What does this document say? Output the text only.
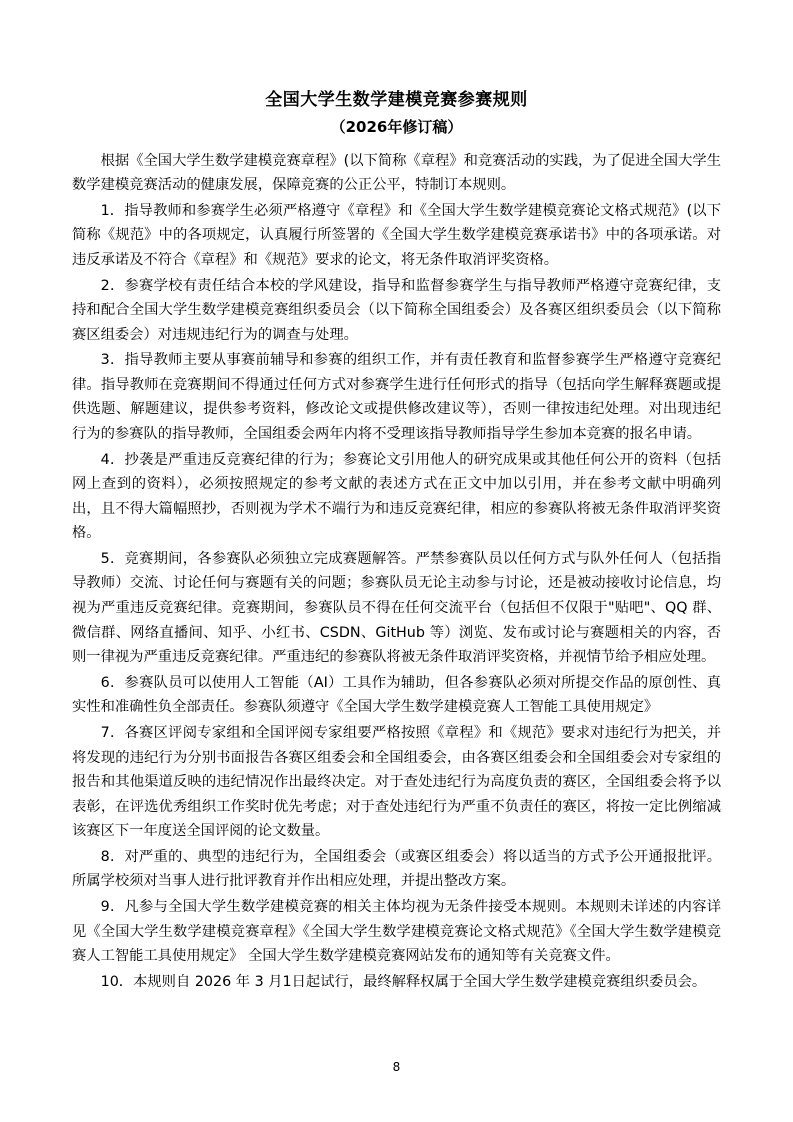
全国大学生数学建模竞赛参赛规则
（2026年修订稿）

根据《全国大学生数学建模竞赛章程》(以下简称《章程》和竞赛活动的实践，为了促进全国大学生数学建模竞赛活动的健康发展，保障竞赛的公正公平，特制订本规则。

1．指导教师和参赛学生必须严格遵守《章程》和《全国大学生数学建模竞赛论文格式规范》(以下简称《规范》中的各项规定，认真履行所签署的《全国大学生数学建模竞赛承诺书》中的各项承诺。对违反承诺及不符合《章程》和《规范》要求的论文，将无条件取消评奖资格。

2．参赛学校有责任结合本校的学风建设，指导和监督参赛学生与指导教师严格遵守竞赛纪律，支持和配合全国大学生数学建模竞赛组织委员会（以下简称全国组委会）及各赛区组织委员会（以下简称赛区组委会）对违规违纪行为的调查与处理。

3．指导教师主要从事赛前辅导和参赛的组织工作，并有责任教育和监督参赛学生严格遵守竞赛纪律。指导教师在竞赛期间不得通过任何方式对参赛学生进行任何形式的指导（包括向学生解释赛题或提供选题、解题建议，提供参考资料，修改论文或提供修改建议等），否则一律按违纪处理。对出现违纪行为的参赛队的指导教师，全国组委会两年内将不受理该指导教师指导学生参加本竞赛的报名申请。

4．抄袭是严重违反竞赛纪律的行为；参赛论文引用他人的研究成果或其他任何公开的资料（包括网上查到的资料），必须按照规定的参考文献的表述方式在正文中加以引用，并在参考文献中明确列出，且不得大篇幅照抄，否则视为学术不端行为和违反竞赛纪律，相应的参赛队将被无条件取消评奖资格。

5．竞赛期间，各参赛队必须独立完成赛题解答。严禁参赛队员以任何方式与队外任何人（包括指导教师）交流、讨论任何与赛题有关的问题；参赛队员无论主动参与讨论，还是被动接收讨论信息，均视为严重违反竞赛纪律。竞赛期间，参赛队员不得在任何交流平台（包括但不仅限于"贴吧"、QQ 群、微信群、网络直播间、知乎、小红书、CSDN、GitHub 等）浏览、发布或讨论与赛题相关的内容，否则一律视为严重违反竞赛纪律。严重违纪的参赛队将被无条件取消评奖资格，并视情节给予相应处理。

6．参赛队员可以使用人工智能（AI）工具作为辅助，但各参赛队必须对所提交作品的原创性、真实性和准确性负全部责任。参赛队须遵守《全国大学生数学建模竞赛人工智能工具使用规定》

7．各赛区评阅专家组和全国评阅专家组要严格按照《章程》和《规范》要求对违纪行为把关，并将发现的违纪行为分别书面报告各赛区组委会和全国组委会，由各赛区组委会和全国组委会对专家组的报告和其他渠道反映的违纪情况作出最终决定。对于查处违纪行为高度负责的赛区，全国组委会将予以表彰，在评选优秀组织工作奖时优先考虑；对于查处违纪行为严重不负责任的赛区，将按一定比例缩减该赛区下一年度送全国评阅的论文数量。

8．对严重的、典型的违纪行为，全国组委会（或赛区组委会）将以适当的方式予公开通报批评。所属学校须对当事人进行批评教育并作出相应处理，并提出整改方案。

9．凡参与全国大学生数学建模竞赛的相关主体均视为无条件接受本规则。本规则未详述的内容详见《全国大学生数学建模竞赛章程》《全国大学生数学建模竞赛论文格式规范》《全国大学生数学建模竞赛人工智能工具使用规定》 全国大学生数学建模竞赛网站发布的通知等有关竞赛文件。

10．本规则自 2026 年 3 月1日起试行，最终解释权属于全国大学生数学建模竞赛组织委员会。

8
